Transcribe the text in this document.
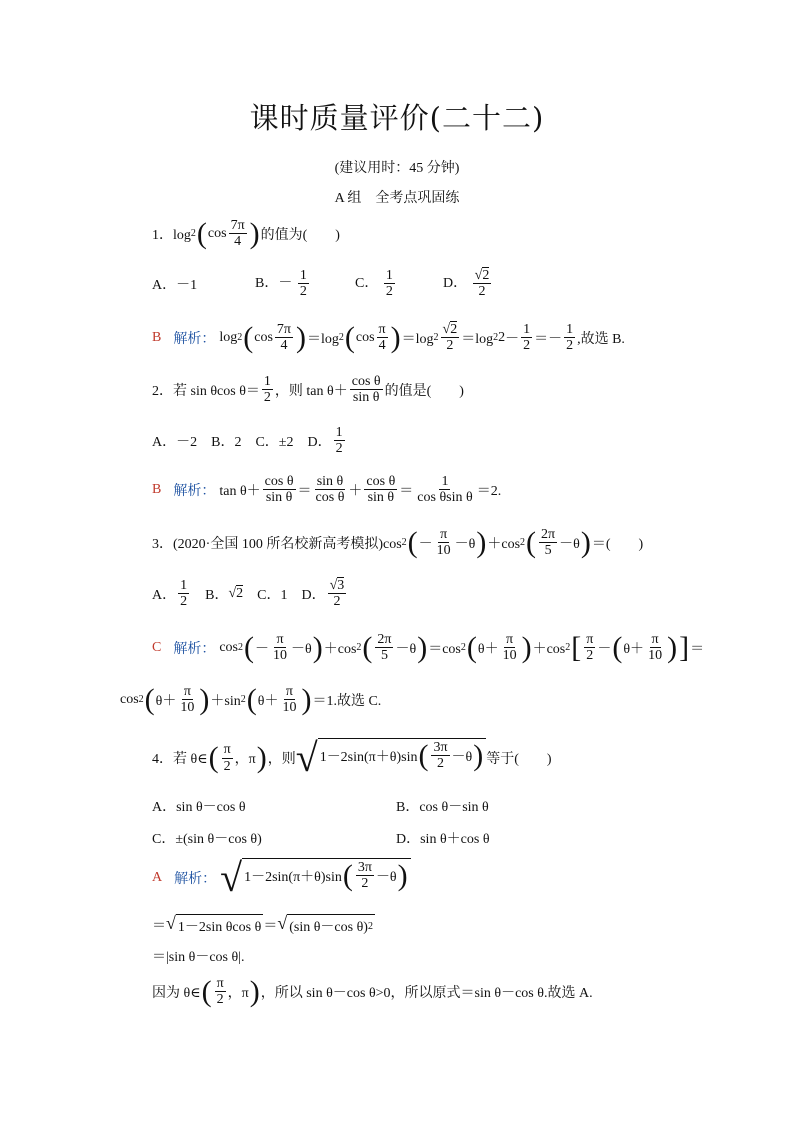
课时质量评价(二十二)
(建议用时：45 分钟)
A 组　全考点巩固练
1．log 2 ( $\cos \frac{7\pi}{4}$ ) 的值为(　　)
A．－1	B．－ $\frac{1}{2}$	C． $\frac{1}{2}$	D． $\frac{√2}{2}$
B 解析： log 2 ( $\cos \frac{7\pi}{4}$ ) ＝log 2 ( $\cos \frac{\pi}{4}$ ) ＝log $2 \frac{√2}{2} =\log$ 2 $2 - \frac{1}{2} =- \frac{1}{2}$ ,故选 B.
2．若 sin θcos $\theta= \frac{1}{2}$ ，则 $\tan \theta+ \frac{\text{cos θ}}{\text{sin θ}}$ 的值是(　　)
A．－2　B．2　C．±2　D． $\frac{1}{2}$
B 解析： $\tan \theta+ \frac{\text{cos θ}}{\text{sin θ}} = \frac{\text{sin θ}}{\text{cos θ}} + \frac{\text{cos θ}}{\text{sin θ}} = \frac{1}{\text{cos θsin θ}} =2$.
3．(2020·全国 100 所名校新高考模拟)cos 2 ( － $\frac{\pi}{10} -\theta$ ) ＋cos 2 ( $\frac{2\pi}{5} -\theta$ ) ＝(　　)
A． $\frac{1}{2}$ 　B． √ 2 　C．1　D． $\frac{√3}{2}$
C 解析： cos 2 ( － $\frac{\pi}{10} -\theta$ ) ＋cos 2 ( $\frac{2\pi}{5} -\theta$ ) ＝cos 2 ( $\theta+ \frac{\pi}{10}$ ) ＋cos 2 [ $\frac{\pi}{2}$ － ( $\theta+ \frac{\pi}{10}$ ) ] ＝
cos 2 ( $\theta+ \frac{\pi}{10}$ ) ＋sin 2 ( $\theta+ \frac{\pi}{10}$ ) ＝1.故选 C.
4．若 θ∈ ( $\frac{\pi}{2}$ ，π ) ，则 √ 1－2sin(π＋θ)sin ( $\frac{3\pi}{2} -\theta$ ) 等于(　　)
A．sin θ－cos θ	B．cos θ－sin θ
C．±(sin θ－cos θ)	D．sin θ＋cos θ
A 解析： √ 1－2sin(π＋θ)sin ( $\frac{3\pi}{2} -\theta$ )
＝ √ 1－2sin θcos θ ＝ √ (sin θ－cos θ) 2
＝|sin θ－cos θ|.
因为 θ∈ ( $\frac{\pi}{2}$ ，π ) ，所以 sin θ－cos θ>0，所以原式＝sin θ－cos θ.故选 A.
